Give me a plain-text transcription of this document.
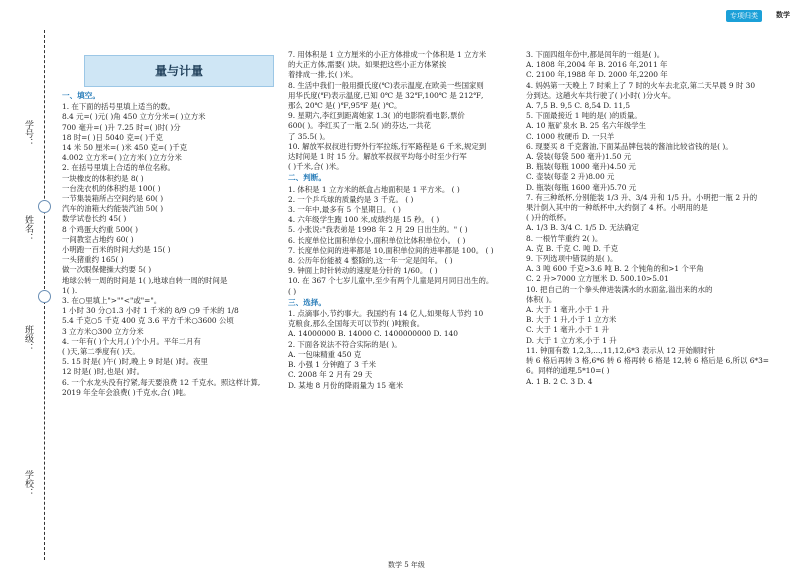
学号：
姓名：
班级：
学校：
专项归类	数学
量与计量

一、填空。

1. 在下面的括号里填上适当的数。

8.4 元=( )元( )角 450 立方分米=( )立方米

700 毫升=( )升 7.25 时=( )时( )分

18 时=( )日 5040 克=( )千克

14 米 50 厘米=( )米 450 克=( )千克

4.002 立方米=( )立方米( )立方分米

2. 在括号里填上合适的单位名称。

一块橡皮的体积约是 8( )

一台洗衣机的体积约是 100( )

一节集装箱所占空间约是 60( )

汽车的油箱大约能装汽油 50( )

数学试卷长约 45( )

8 个鸡蛋大约重 500( )

一间教室占地约 60( )

小明跑一百米的时间大约是 15( )

一头猪重约 165( )

做一次眼保健操大约要 5( )

地球公转一周的时间是 1( ),地球自转一周的时间是

1( ).

3. 在○里填上">""<"或"="。

1 小时 30 分○1.3 小时 1 千米的 8/9 ○9 千米的 1/8

5.4 千克○5 千克 400 克 3.6 平方千米○3600 公顷

3 立方米○300 立方分米

4. 一年有( )个大月,( )个小月。平年二月有

( )天,第二季度有( )天。

5. 15 时是( )午( )时,晚上 9 时是( )时。夜里

12 时是( )时,也是( )时。

6. 一个水龙头没有拧紧,每天要浪费 12 千克水。照这样计算,

2019 年全年会浪费( )千克水,合( )吨。

7. 用体积是 1 立方厘米的小正方体排成一个体积是 1 立方米

的大正方体,需要( )块。如果把这些小正方体紧挨

着排成一排,长( )米。

8. 生活中我们一般用摄氏度(℃)表示温度,在欧美一些国家则

用华氏度(℉)表示温度,已知 0℃ 是 32℉,100℃ 是 212℉,

那么 20℃ 是( )℉,95℉ 是( )℃。

9. 星期六,李红到距离她家 1.3( )的电影院看电影,票价

600( )。李红买了一瓶 2.5( )的芬达,一共花

了 35.5( )。

10. 解放军叔叔进行野外行军拉练,行军路程是 6 千米,规定到

达时间是 1 时 15 分。解放军叔叔平均每小时至少行军

( )千米,合( )米。

二、判断。

1. 体积是 1 立方米的纸盒占地面积是 1 平方米。 ( )

2. 一个乒乓球的质量约是 3 千克。 ( )

3. 一年中,最多有 5 个星期日。 ( )

4. 六年级学生跑 100 米,成绩约是 15 秒。 ( )

5. 小张说:"我表弟是 1998 年 2 月 29 日出生的。" ( )

6. 长度单位比面积单位小,面积单位比体积单位小。 ( )

7. 长度单位间的进率都是 10,面积单位间的进率都是 100。 ( )

8. 公历年份能被 4 整除的,这一年一定是闰年。 ( )

9. 钟面上时针转动的速度是分针的 1/60。 ( )

10. 在 367 个七岁儿童中,至少有两个儿童是同月同日出生的。

( )

三、选择。

1. 点滴事小,节约事大。我国约有 14 亿人,如果每人节约 10

克粮食,那么全国每天可以节约( )吨粮食。

A. 14000000 B. 14000 C. 1400000000 D. 140

2. 下面各说法不符合实际的是( )。

A. 一包味精重 450 克

B. 小强 1 分钟跑了 3 千米

C. 2008 年 2 月有 29 天

D. 某地 8 月份的降雨量为 15 毫米

3. 下面四组年份中,都是闰年的一组是( )。

A. 1808 年,2004 年 B. 2016 年,2011 年

C. 2100 年,1988 年 D. 2000 年,2200 年

4. 妈妈第一天晚上 7 时乘上了 7 时的火车去北京,第二天早晨 9 时 30

分到达。这趟火车共行驶了( )小时( )分火车。

A. 7,5 B. 9,5 C. 8,54 D. 11,5

5. 下面最接近 1 吨的是( )的质量。

A. 10 瓶矿泉水 B. 25 名六年级学生

C. 1000 枚硬币 D. 一只羊

6. 现要买 8 千克酱油,下面某品牌包装的酱油比较省钱的是( )。

A. 袋装(每袋 500 毫升)1.50 元

B. 瓶装(每瓶 1000 毫升)4.50 元

C. 壶装(每壶 2 升)8.00 元

D. 瓶装(每瓶 1600 毫升)5.70 元

7. 有三种纸杯,分别能装 1/3 升、3/4 升和 1/5 升。小明把一瓶 2 升的

果汁倒入其中的一种纸杯中,大约倒了 4 杯。小明用的是

( )升的纸杯。

A. 1/3 B. 3/4 C. 1/5 D. 无法确定

8. 一根竹竿重约 2( )。

A. 克 B. 千克 C. 吨 D. 千克

9. 下列选项中错误的是( )。

A. 3 吨 600 千克>3.6 吨 B. 2 个钝角的和>1 个平角

C. 2 升>7000 立方厘米 D. 500.10>5.01

10. 把自己的一个拳头伸进装满水的水面盆,溢出来的水的

体积( )。

A. 大于 1 毫升,小于 1 升

B. 大于 1 升,小于 1 立方米

C. 大于 1 毫升,小于 1 升

D. 大于 1 立方米,小于 1 升

11. 钟面有数 1,2,3,…,11,12,6*3 表示从 12 开始顺时针

转 6 格后再转 3 格,6*6 转 6 格再转 6 格是 12,转 6 格后是 6,所以 6*3=

6。同样的道理,5*10=( )

A. 1 B. 2 C. 3 D. 4

数学 5 年级
